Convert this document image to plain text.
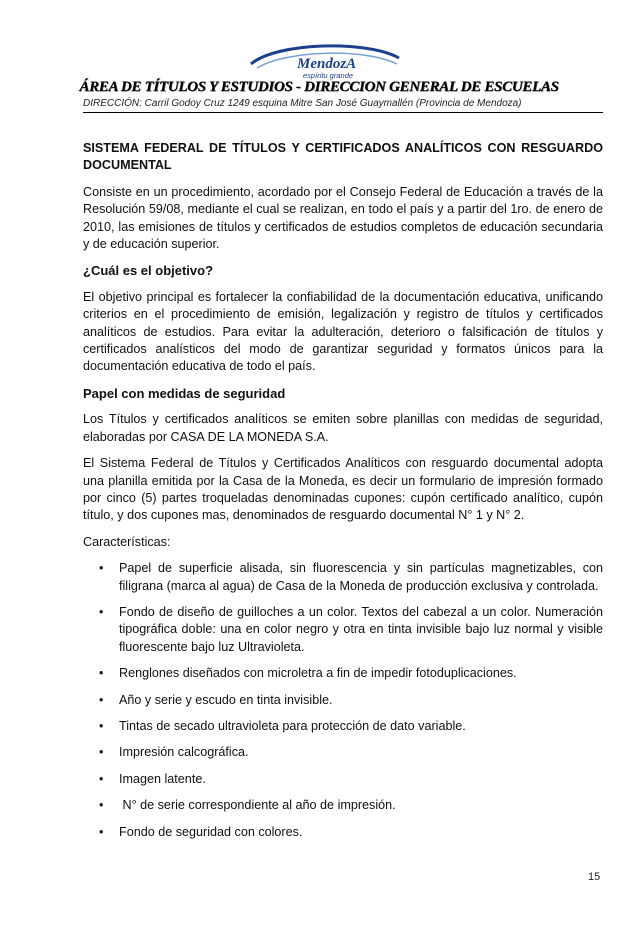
MendozA
espíritu grande
ÁREA DE TÍTULOS Y ESTUDIOS - DIRECCION GENERAL DE ESCUELAS
DIRECCIÓN: Carril Godoy Cruz 1249 esquina Mitre San José Guaymallén (Provincia de Mendoza)

SISTEMA FEDERAL DE TÍTULOS Y CERTIFICADOS ANALÍTICOS CON RESGUARDO DOCUMENTAL

Consiste en un procedimiento, acordado por el Consejo Federal de Educación a través de la Resolución 59/08, mediante el cual se realizan, en todo el país y a partir del 1ro. de enero de 2010, las emisiones de títulos y certificados de estudios completos de educación secundaria y de educación superior.

¿Cuál es el objetivo?

El objetivo principal es fortalecer la confiabilidad de la documentación educativa, unificando criterios en el procedimiento de emisión, legalización y registro de títulos y certificados analíticos de estudios. Para evitar la adulteración, deterioro o falsificación de títulos y certificados analísticos del modo de garantizar seguridad y formatos únicos para la documentación educativa de todo el país.

Papel con medidas de seguridad

Los Títulos y certificados analíticos se emiten sobre planillas con medidas de seguridad, elaboradas por CASA DE LA MONEDA S.A.

El Sistema Federal de Títulos y Certificados Analíticos con resguardo documental adopta una planilla emitida por la Casa de la Moneda, es decir un formulario de impresión formado por cinco (5) partes troqueladas denominadas cupones: cupón certificado analítico, cupón título, y dos cupones mas, denominados de resguardo documental N° 1 y N° 2.

Características:

• Papel de superficie alisada, sin fluorescencia y sin partículas magnetizables, con filigrana (marca al agua) de Casa de la Moneda de producción exclusiva y controlada.
• Fondo de diseño de guilloches a un color. Textos del cabezal a un color. Numeración tipográfica doble: una en color negro y otra en tinta invisible bajo luz normal y visible fluorescente bajo luz Ultravioleta.
• Renglones diseñados con microletra a fin de impedir fotoduplicaciones.
• Año y serie y escudo en tinta invisible.
• Tintas de secado ultravioleta para protección de dato variable.
• Impresión calcográfica.
• Imagen latente.
• N° de serie correspondiente al año de impresión.
• Fondo de seguridad con colores.
15
